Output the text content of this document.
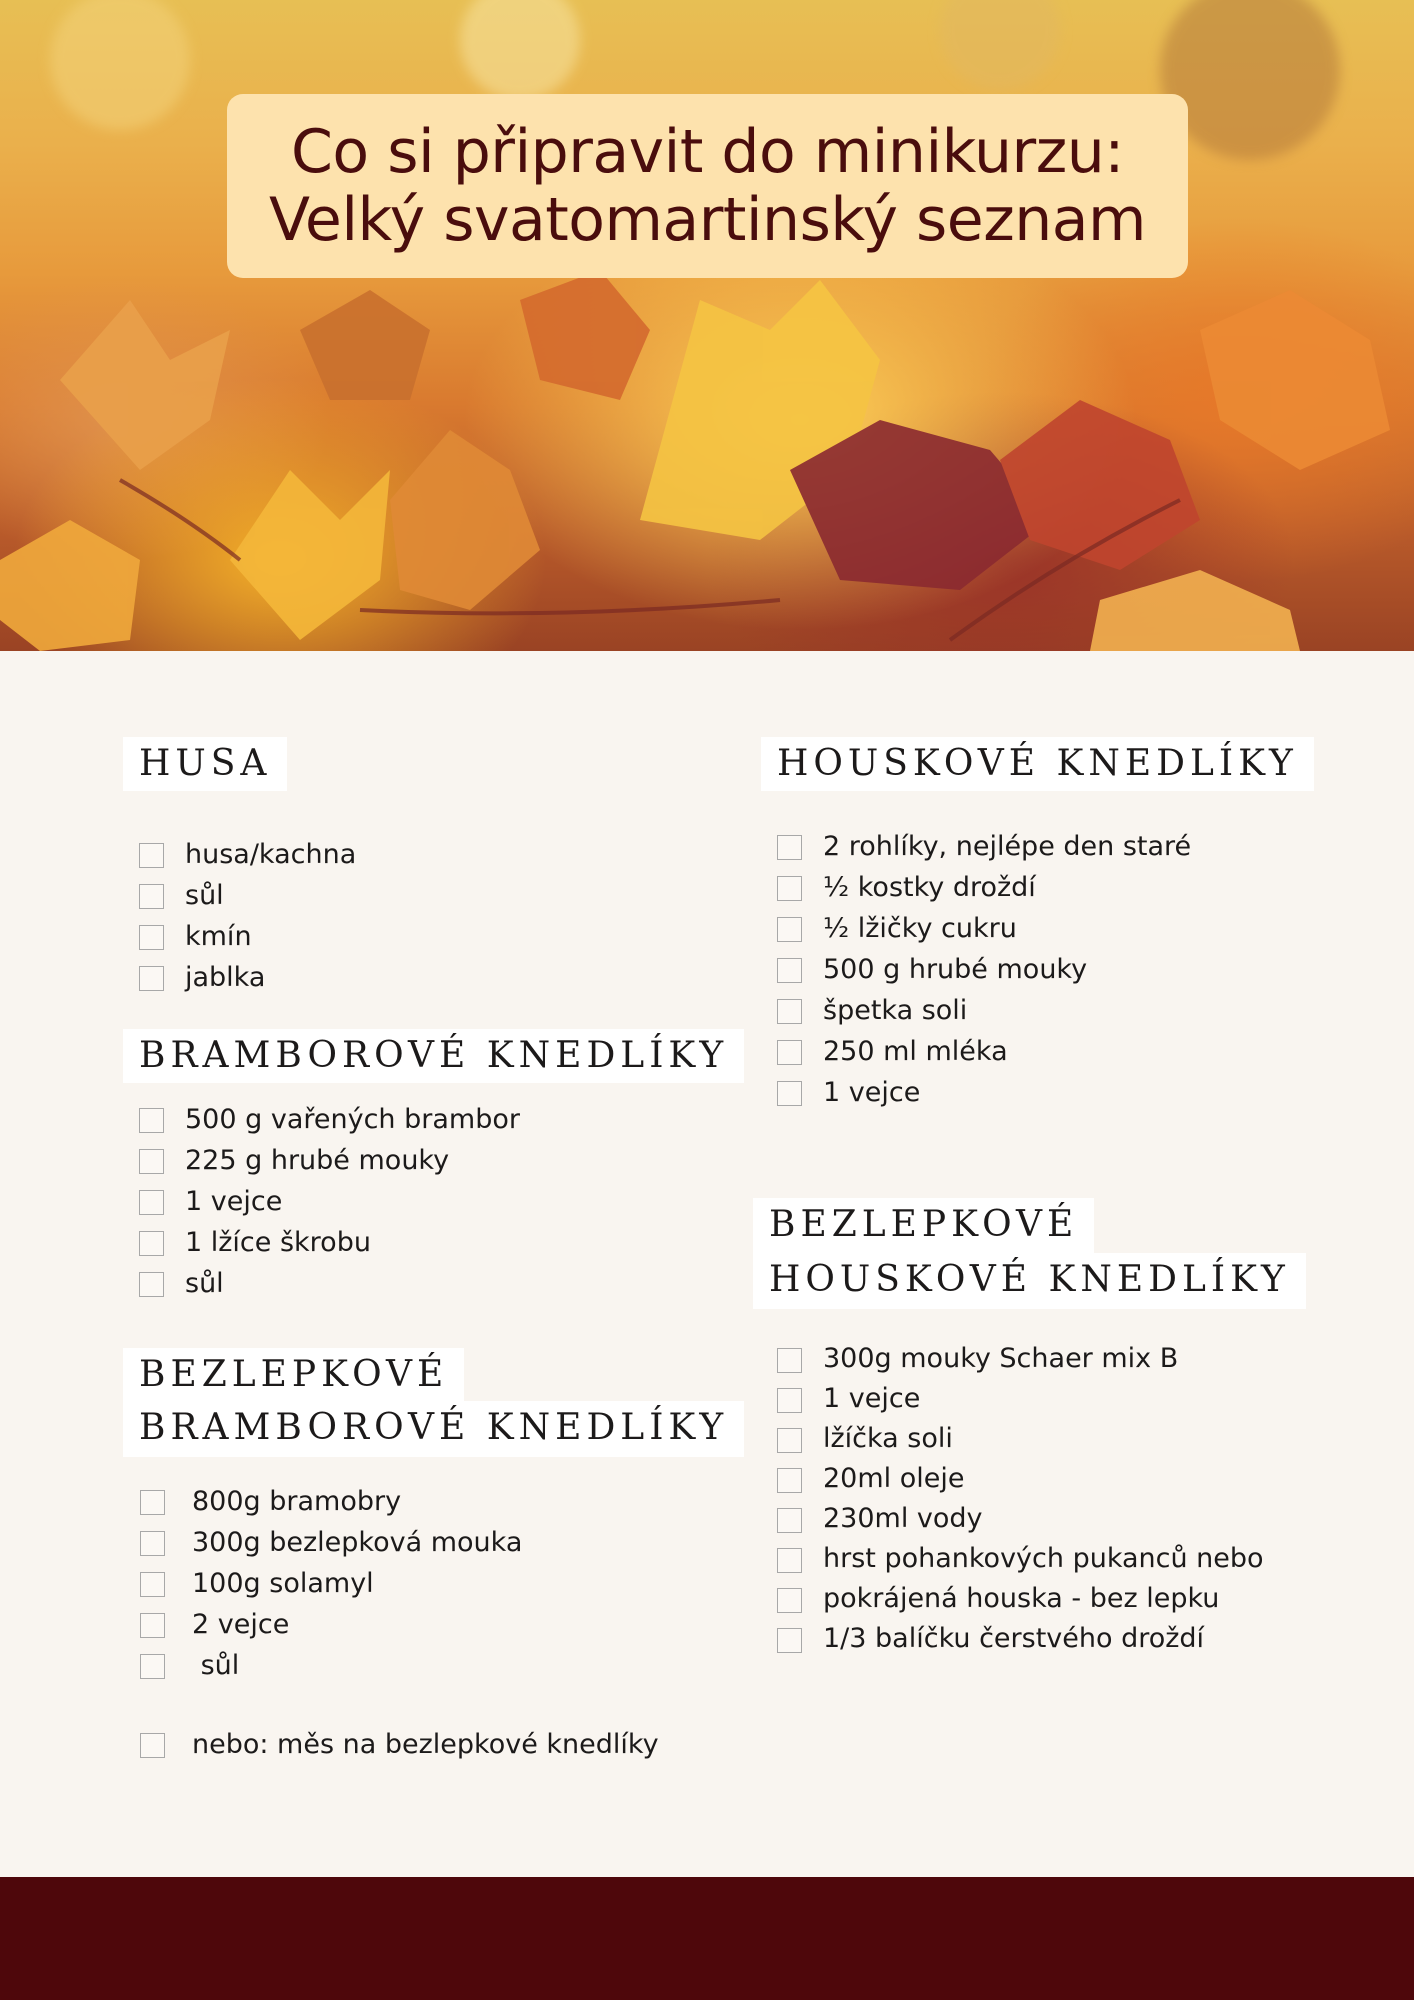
Co si připravit do minikurzu:
Velký svatomartinský seznam
HUSA
BRAMBOROVÉ KNEDLÍKY
BEZLEPKOVÉ
BRAMBOROVÉ KNEDLÍKY
HOUSKOVÉ KNEDLÍKY
BEZLEPKOVÉ
HOUSKOVÉ KNEDLÍKY
husa/kachna
sůl
kmín
jablka
500 g vařených brambor
225 g hrubé mouky
1 vejce
1 lžíce škrobu
sůl
800g bramobry
300g bezlepková mouka
100g solamyl
2 vejce
sůl
nebo: měs na bezlepkové knedlíky
2 rohlíky, nejlépe den staré
½ kostky droždí
½ lžičky cukru
500 g hrubé mouky
špetka soli
250 ml mléka
1 vejce
300g mouky Schaer mix B
1 vejce
lžíčka soli
20ml oleje
230ml vody
hrst pohankových pukanců nebo
pokrájená houska - bez lepku
1/3 balíčku čerstvého droždí
